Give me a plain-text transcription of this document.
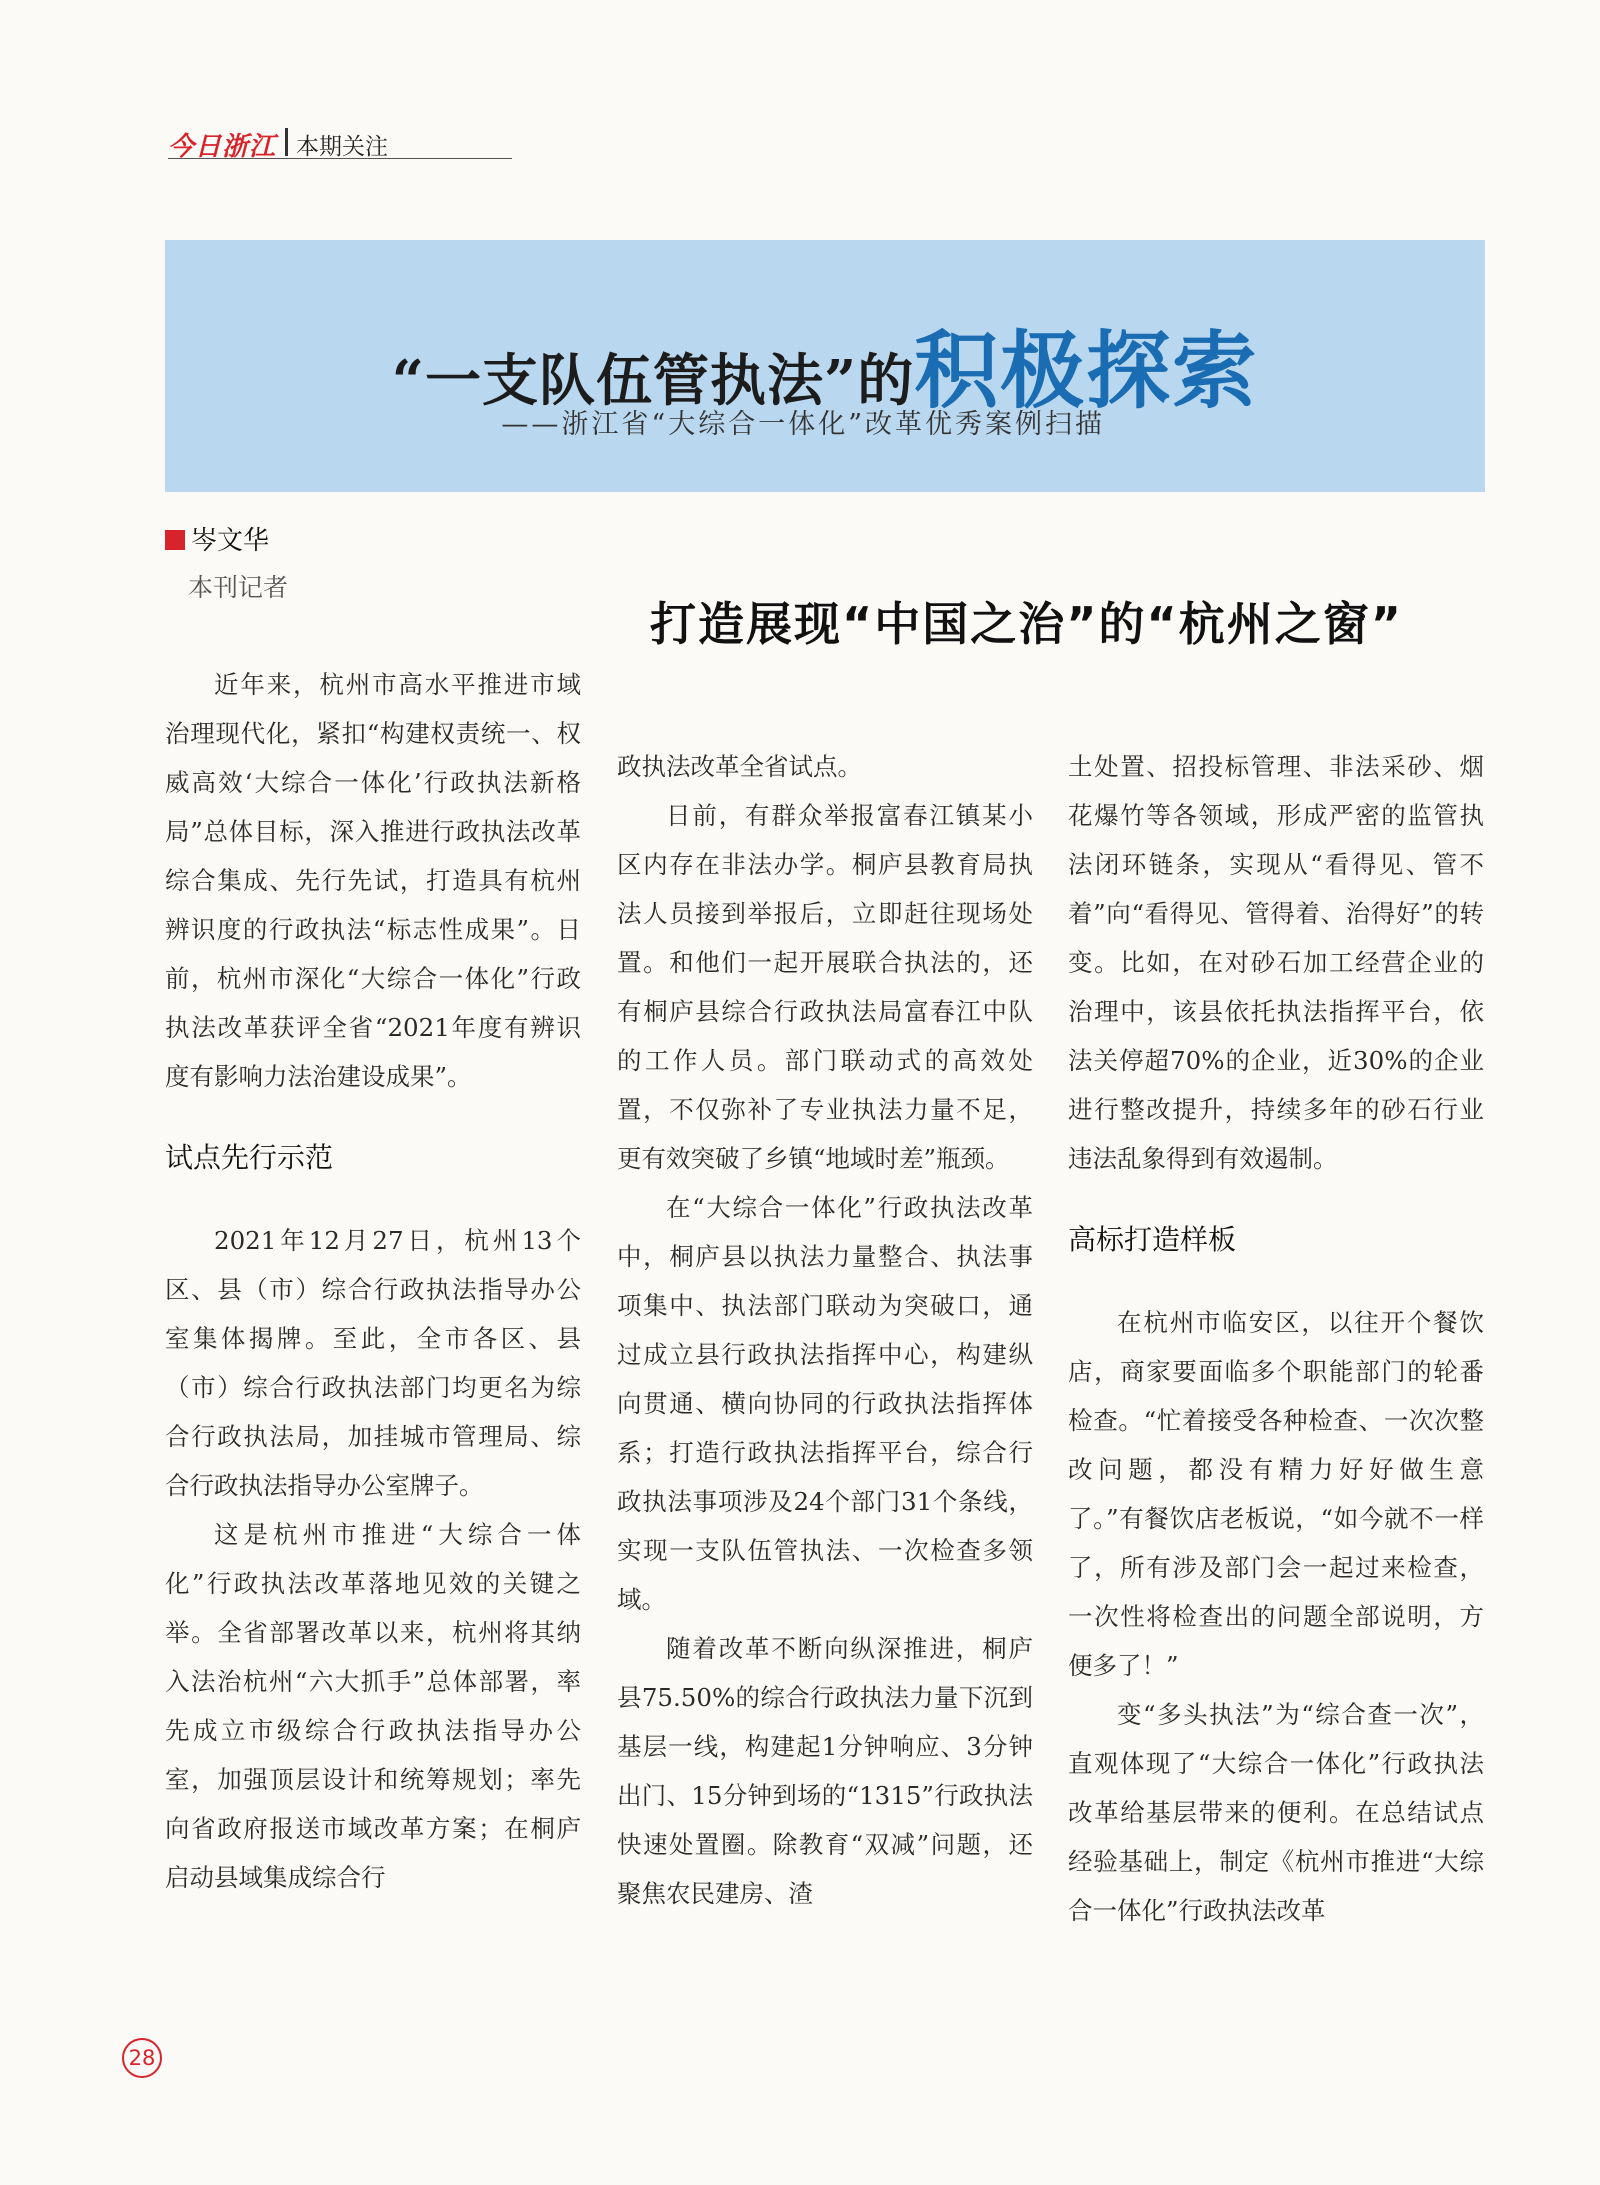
今日浙江 本期关注
“一支队伍管执法”的积极探索
——浙江省“大综合一体化”改革优秀案例扫描
岑文华
本刊记者
打造展现“中国之治”的“杭州之窗”

近年来，杭州市高水平推进市域治理现代化，紧扣“构建权责统一、权威高效‘大综合一体化’行政执法新格局”总体目标，深入推进行政执法改革综合集成、先行先试，打造具有杭州辨识度的行政执法“标志性成果”。日前，杭州市深化“大综合一体化”行政执法改革获评全省“2021年度有辨识度有影响力法治建设成果”。

试点先行示范

2021年12月27日，杭州13个区、县（市）综合行政执法指导办公室集体揭牌。至此，全市各区、县（市）综合行政执法部门均更名为综合行政执法局，加挂城市管理局、综合行政执法指导办公室牌子。

这是杭州市推进“大综合一体化”行政执法改革落地见效的关键之举。全省部署改革以来，杭州将其纳入法治杭州“六大抓手”总体部署，率先成立市级综合行政执法指导办公室，加强顶层设计和统筹规划；率先向省政府报送市域改革方案；在桐庐启动县域集成综合行

政执法改革全省试点。

日前，有群众举报富春江镇某小区内存在非法办学。桐庐县教育局执法人员接到举报后，立即赶往现场处置。和他们一起开展联合执法的，还有桐庐县综合行政执法局富春江中队的工作人员。部门联动式的高效处置，不仅弥补了专业执法力量不足，更有效突破了乡镇“地域时差”瓶颈。

在“大综合一体化”行政执法改革中，桐庐县以执法力量整合、执法事项集中、执法部门联动为突破口，通过成立县行政执法指挥中心，构建纵向贯通、横向协同的行政执法指挥体系；打造行政执法指挥平台，综合行政执法事项涉及24个部门31个条线，实现一支队伍管执法、一次检查多领域。

随着改革不断向纵深推进，桐庐县75.50%的综合行政执法力量下沉到基层一线，构建起1分钟响应、3分钟出门、15分钟到场的“1315”行政执法快速处置圈。除教育“双减”问题，还聚焦农民建房、渣

土处置、招投标管理、非法采砂、烟花爆竹等各领域，形成严密的监管执法闭环链条，实现从“看得见、管不着”向“看得见、管得着、治得好”的转变。比如，在对砂石加工经营企业的治理中，该县依托执法指挥平台，依法关停超70%的企业，近30%的企业进行整改提升，持续多年的砂石行业违法乱象得到有效遏制。

高标打造样板

在杭州市临安区，以往开个餐饮店，商家要面临多个职能部门的轮番检查。“忙着接受各种检查、一次次整改问题，都没有精力好好做生意了。”有餐饮店老板说，“如今就不一样了，所有涉及部门会一起过来检查，一次性将检查出的问题全部说明，方便多了！”

变“多头执法”为“综合查一次”，直观体现了“大综合一体化”行政执法改革给基层带来的便利。在总结试点经验基础上，制定《杭州市推进“大综合一体化”行政执法改革

28
